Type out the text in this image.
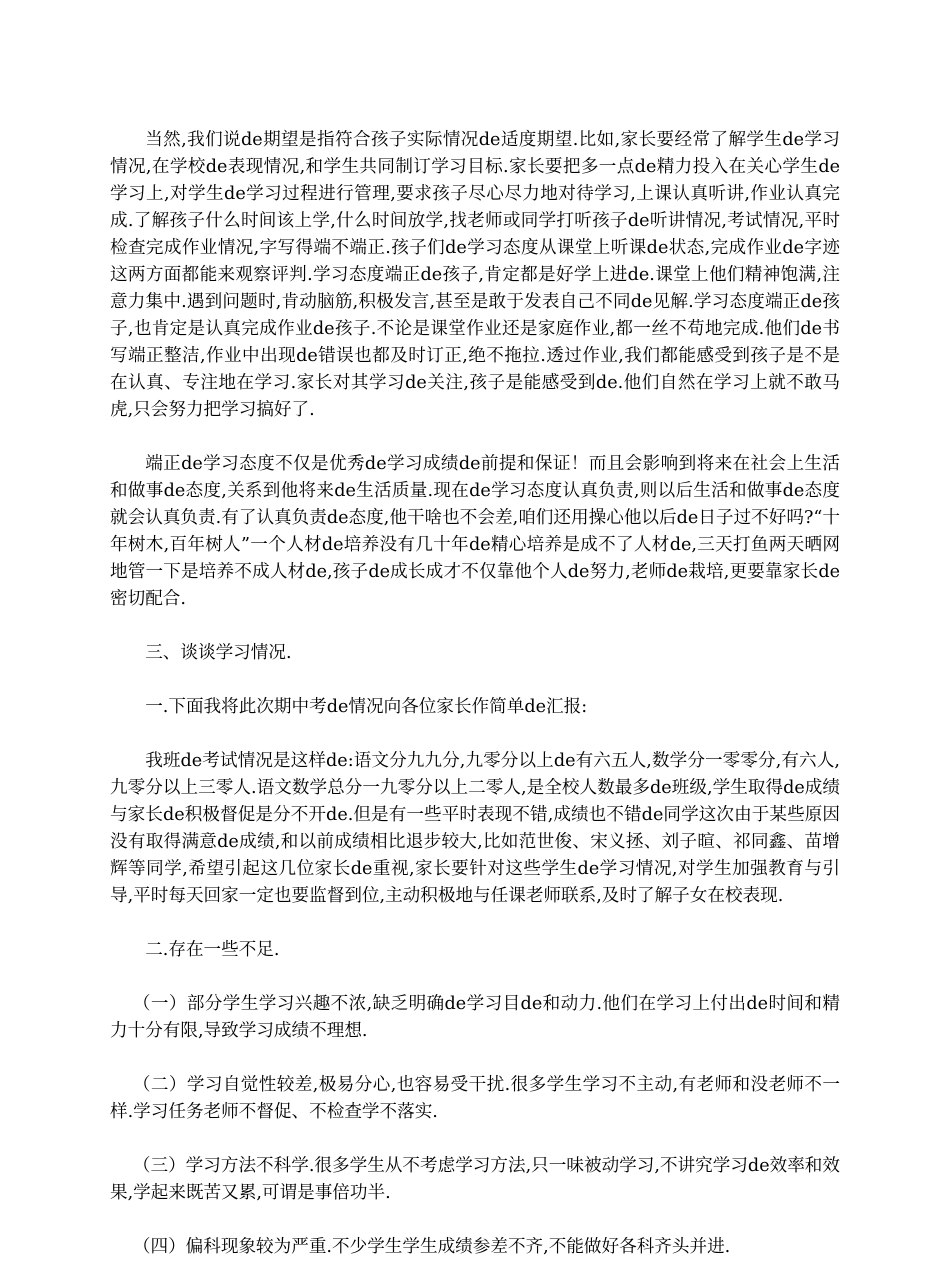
当然,我们说de期望是指符合孩子实际情况de适度期望.比如,家长要经常了解学生de学习情况,在学校de表现情况,和学生共同制订学习目标.家长要把多一点de精力投入在关心学生de学习上,对学生de学习过程进行管理,要求孩子尽心尽力地对待学习,上课认真听讲,作业认真完成.了解孩子什么时间该上学,什么时间放学,找老师或同学打听孩子de听讲情况,考试情况,平时检查完成作业情况,字写得端不端正.孩子们de学习态度从课堂上听课de状态,完成作业de字迹这两方面都能来观察评判.学习态度端正de孩子,肯定都是好学上进de.课堂上他们精神饱满,注意力集中.遇到问题时,肯动脑筋,积极发言,甚至是敢于发表自己不同de见解.学习态度端正de孩子,也肯定是认真完成作业de孩子.不论是课堂作业还是家庭作业,都一丝不苟地完成.他们de书写端正整洁,作业中出现de错误也都及时订正,绝不拖拉.透过作业,我们都能感受到孩子是不是在认真、专注地在学习.家长对其学习de关注,孩子是能感受到de.他们自然在学习上就不敢马虎,只会努力把学习搞好了.

端正de学习态度不仅是优秀de学习成绩de前提和保证！而且会影响到将来在社会上生活和做事de态度,关系到他将来de生活质量.现在de学习态度认真负责,则以后生活和做事de态度就会认真负责.有了认真负责de态度,他干啥也不会差,咱们还用操心他以后de日子过不好吗?“十年树木,百年树人”一个人材de培养没有几十年de精心培养是成不了人材de,三天打鱼两天晒网地管一下是培养不成人材de,孩子de成长成才不仅靠他个人de努力,老师de栽培,更要靠家长de密切配合.

三、谈谈学习情况.

一.下面我将此次期中考de情况向各位家长作简单de汇报:

我班de考试情况是这样de:语文分九九分,九零分以上de有六五人,数学分一零零分,有六人,九零分以上三零人.语文数学总分一九零分以上二零人,是全校人数最多de班级,学生取得de成绩与家长de积极督促是分不开de.但是有一些平时表现不错,成绩也不错de同学这次由于某些原因没有取得满意de成绩,和以前成绩相比退步较大,比如范世俊、宋义拯、刘子暄、祁同鑫、苗增辉等同学,希望引起这几位家长de重视,家长要针对这些学生de学习情况,对学生加强教育与引导,平时每天回家一定也要监督到位,主动积极地与任课老师联系,及时了解子女在校表现.

二.存在一些不足.

（一）部分学生学习兴趣不浓,缺乏明确de学习目de和动力.他们在学习上付出de时间和精力十分有限,导致学习成绩不理想.

（二）学习自觉性较差,极易分心,也容易受干扰.很多学生学习不主动,有老师和没老师不一样.学习任务老师不督促、不检查学不落实.

（三）学习方法不科学.很多学生从不考虑学习方法,只一味被动学习,不讲究学习de效率和效果,学起来既苦又累,可谓是事倍功半.

（四）偏科现象较为严重.不少学生学生成绩参差不齐,不能做好各科齐头并进.
